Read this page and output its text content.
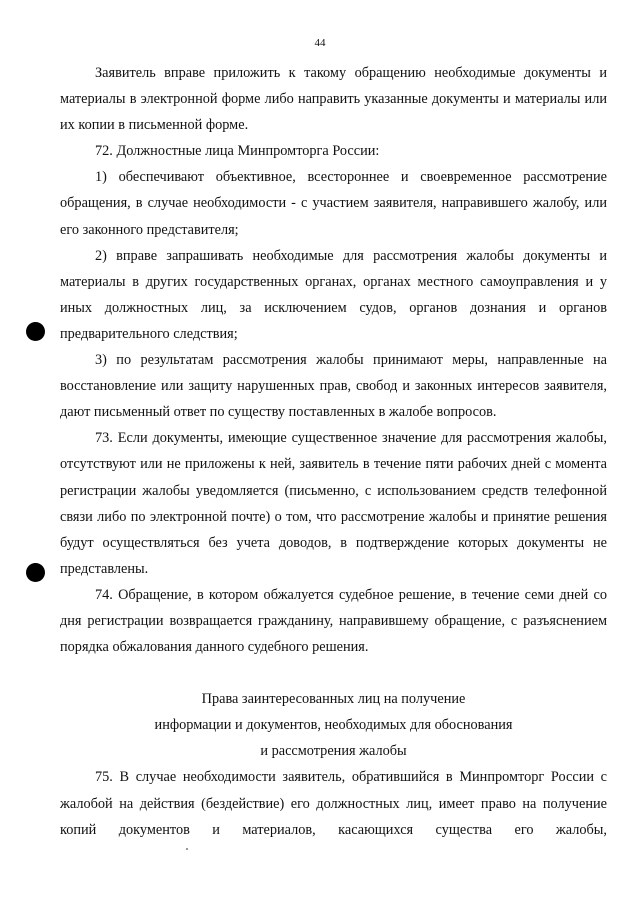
44

Заявитель вправе приложить к такому обращению необходимые документы и материалы в электронной форме либо направить указанные документы и материалы или их копии в письменной форме.

72. Должностные лица Минпромторга России:

1) обеспечивают объективное, всестороннее и своевременное рассмотрение обращения, в случае необходимости - с участием заявителя, направившего жалобу, или его законного представителя;

2) вправе запрашивать необходимые для рассмотрения жалобы документы и материалы в других государственных органах, органах местного самоуправления и у иных должностных лиц, за исключением судов, органов дознания и органов предварительного следствия;

3) по результатам рассмотрения жалобы принимают меры, направленные на восстановление или защиту нарушенных прав, свобод и законных интересов заявителя, дают письменный ответ по существу поставленных в жалобе вопросов.

73. Если документы, имеющие существенное значение для рассмотрения жалобы, отсутствуют или не приложены к ней, заявитель в течение пяти рабочих дней с момента регистрации жалобы уведомляется (письменно, с использованием средств телефонной связи либо по электронной почте) о том, что рассмотрение жалобы и принятие решения будут осуществляться без учета доводов, в подтверждение которых документы не представлены.

74. Обращение, в котором обжалуется судебное решение, в течение семи дней со дня регистрации возвращается гражданину, направившему обращение, с разъяснением порядка обжалования данного судебного решения.

Права заинтересованных лиц на получение
информации и документов, необходимых для обоснования
и рассмотрения жалобы

75. В случае необходимости заявитель, обратившийся в Минпромторг России с жалобой на действия (бездействие) его должностных лиц, имеет право на получение копий документов и материалов, касающихся существа его жалобы,
